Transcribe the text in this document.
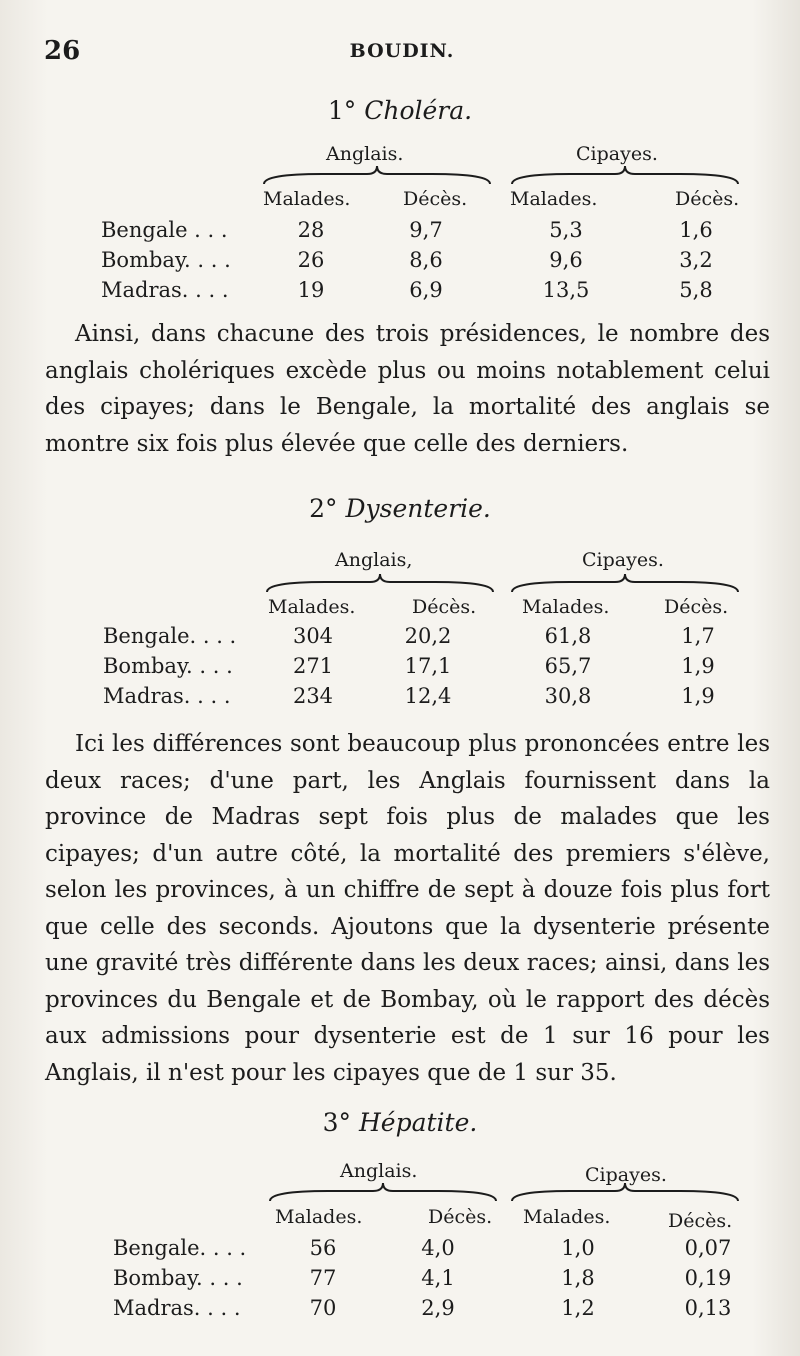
26	BOUDIN.
1° Choléra.
Anglais.	Cipayes.
Malades.	Décès. Malades.	Décès.
Bengale . . .	28	9,7	5,3	1,6
Bombay. . . .	26	8,6	9,6	3,2
Madras. . . .	19	6,9	13,5	5,8

Ainsi, dans chacune des trois présidences, le nombre des anglais cholériques excède plus ou moins notablement celui des cipayes; dans le Bengale, la mortalité des anglais se montre six fois plus élevée que celle des derniers.

2° Dysenterie.
Anglais,	Cipayes.
Malades.	Décès. Malades.	Décès.
Bengale. . . .	304	20,2	61,8	1,7
Bombay. . . .	271	17,1	65,7	1,9
Madras. . . .	234	12,4	30,8	1,9

Ici les différences sont beaucoup plus prononcées entre les deux races; d'une part, les Anglais fournissent dans la province de Madras sept fois plus de malades que les cipayes; d'un autre côté, la mortalité des premiers s'élève, selon les provinces, à un chiffre de sept à douze fois plus fort que celle des seconds. Ajoutons que la dysenterie présente une gravité très différente dans les deux races; ainsi, dans les provinces du Bengale et de Bombay, où le rapport des décès aux admissions pour dysenterie est de 1 sur 16 pour les Anglais, il n'est pour les cipayes que de 1 sur 35.

3° Hépatite.
Anglais.	Cipayes.
Malades.	Décès. Malades.	Décès.
Bengale. . . .	56	4,0	1,0	0,07
Bombay. . . .	77	4,1	1,8	0,19
Madras. . . .	70	2,9	1,2	0,13
